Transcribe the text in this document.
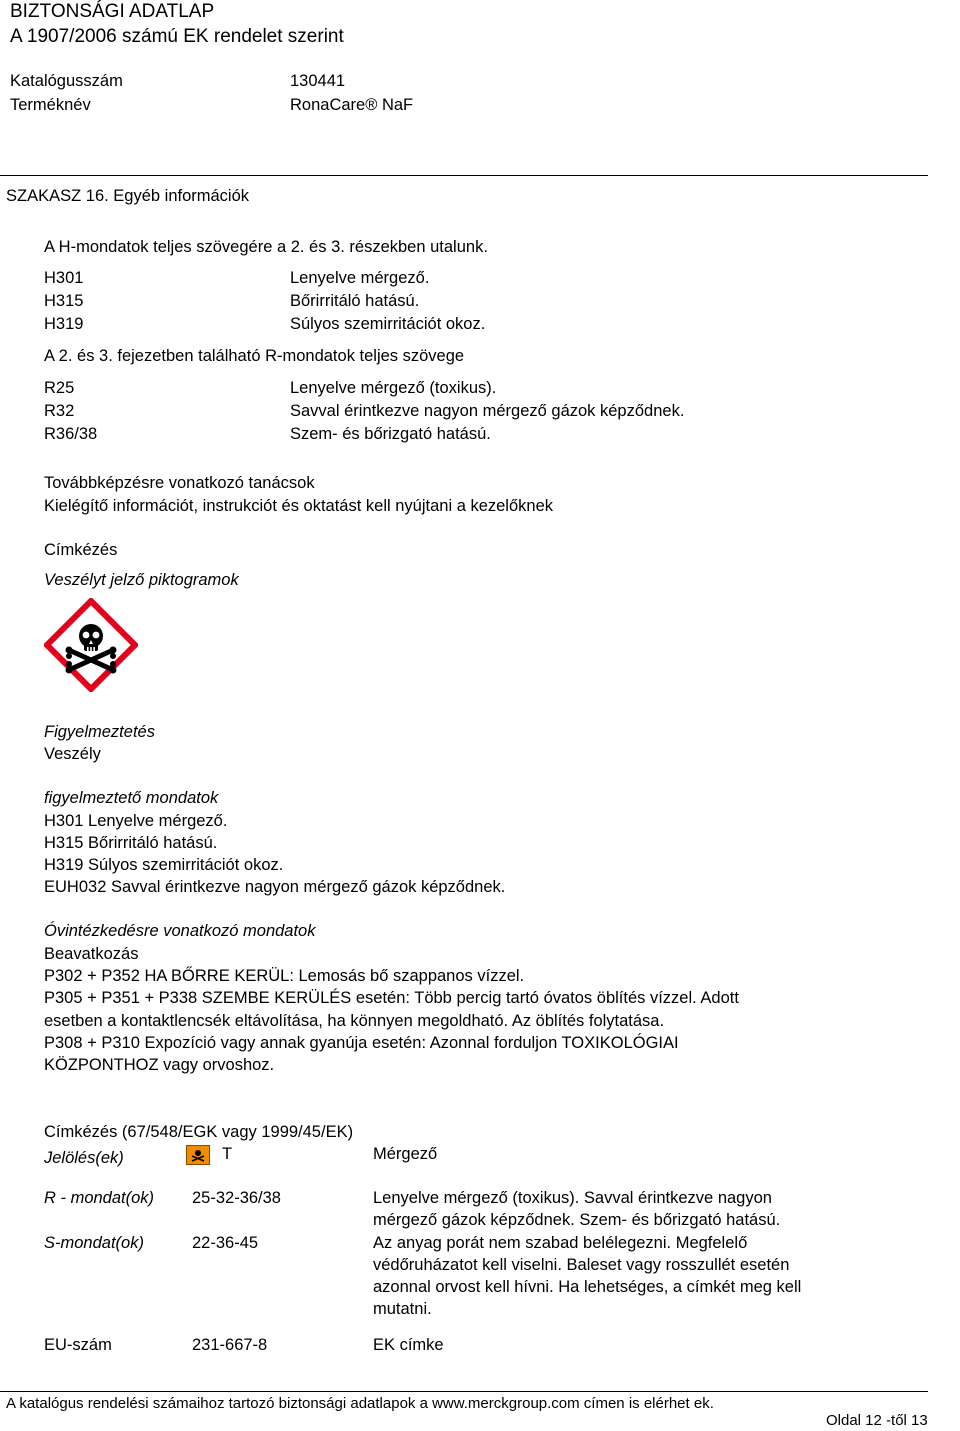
BIZTONSÁGI ADATLAP
A 1907/2006 számú EK rendelet szerint
Katalógusszám	130441
Terméknév	RonaCare® NaF
SZAKASZ 16. Egyéb információk
A H-mondatok teljes szövegére a 2. és 3. részekben utalunk.
H301	Lenyelve mérgező.
H315	Bőrirritáló hatású.
H319	Súlyos szemirritációt okoz.
A 2. és 3. fejezetben található R-mondatok teljes szövege
R25	Lenyelve mérgező (toxikus).
R32	Savval érintkezve nagyon mérgező gázok képződnek.
R36/38	Szem- és bőrizgató hatású.
Továbbképzésre vonatkozó tanácsok
Kielégítő információt, instrukciót és oktatást kell nyújtani a kezelőknek
Címkézés
Veszélyt jelző piktogramok
Figyelmeztetés
Veszély
figyelmeztető mondatok
H301 Lenyelve mérgező.
H315 Bőrirritáló hatású.
H319 Súlyos szemirritációt okoz.
EUH032 Savval érintkezve nagyon mérgező gázok képződnek.
Óvintézkedésre vonatkozó mondatok
Beavatkozás
P302 + P352 HA BŐRRE KERÜL: Lemosás bő szappanos vízzel.
P305 + P351 + P338 SZEMBE KERÜLÉS esetén: Több percig tartó óvatos öblítés vízzel. Adott
esetben a kontaktlencsék eltávolítása, ha könnyen megoldható. Az öblítés folytatása.
P308 + P310 Expozíció vagy annak gyanúja esetén: Azonnal forduljon TOXIKOLÓGIAI
KÖZPONTHOZ vagy orvoshoz.
Címkézés (67/548/EGK vagy 1999/45/EK)
Jelölés(ek)	T	Mérgező
R - mondat(ok) 25-32-36/38	Lenyelve mérgező (toxikus). Savval érintkezve nagyon
mérgező gázok képződnek. Szem- és bőrizgató hatású.
S-mondat(ok)	22-36-45	Az anyag porát nem szabad belélegezni. Megfelelő
védőruházatot kell viselni. Baleset vagy rosszullét esetén
azonnal orvost kell hívni. Ha lehetséges, a címkét meg kell
mutatni.
EU-szám	231-667-8	EK címke
A katalógus rendelési számaihoz tartozó biztonsági adatlapok a www.merckgroup.com címen is elérhet ek.
Oldal 12 -től 13
